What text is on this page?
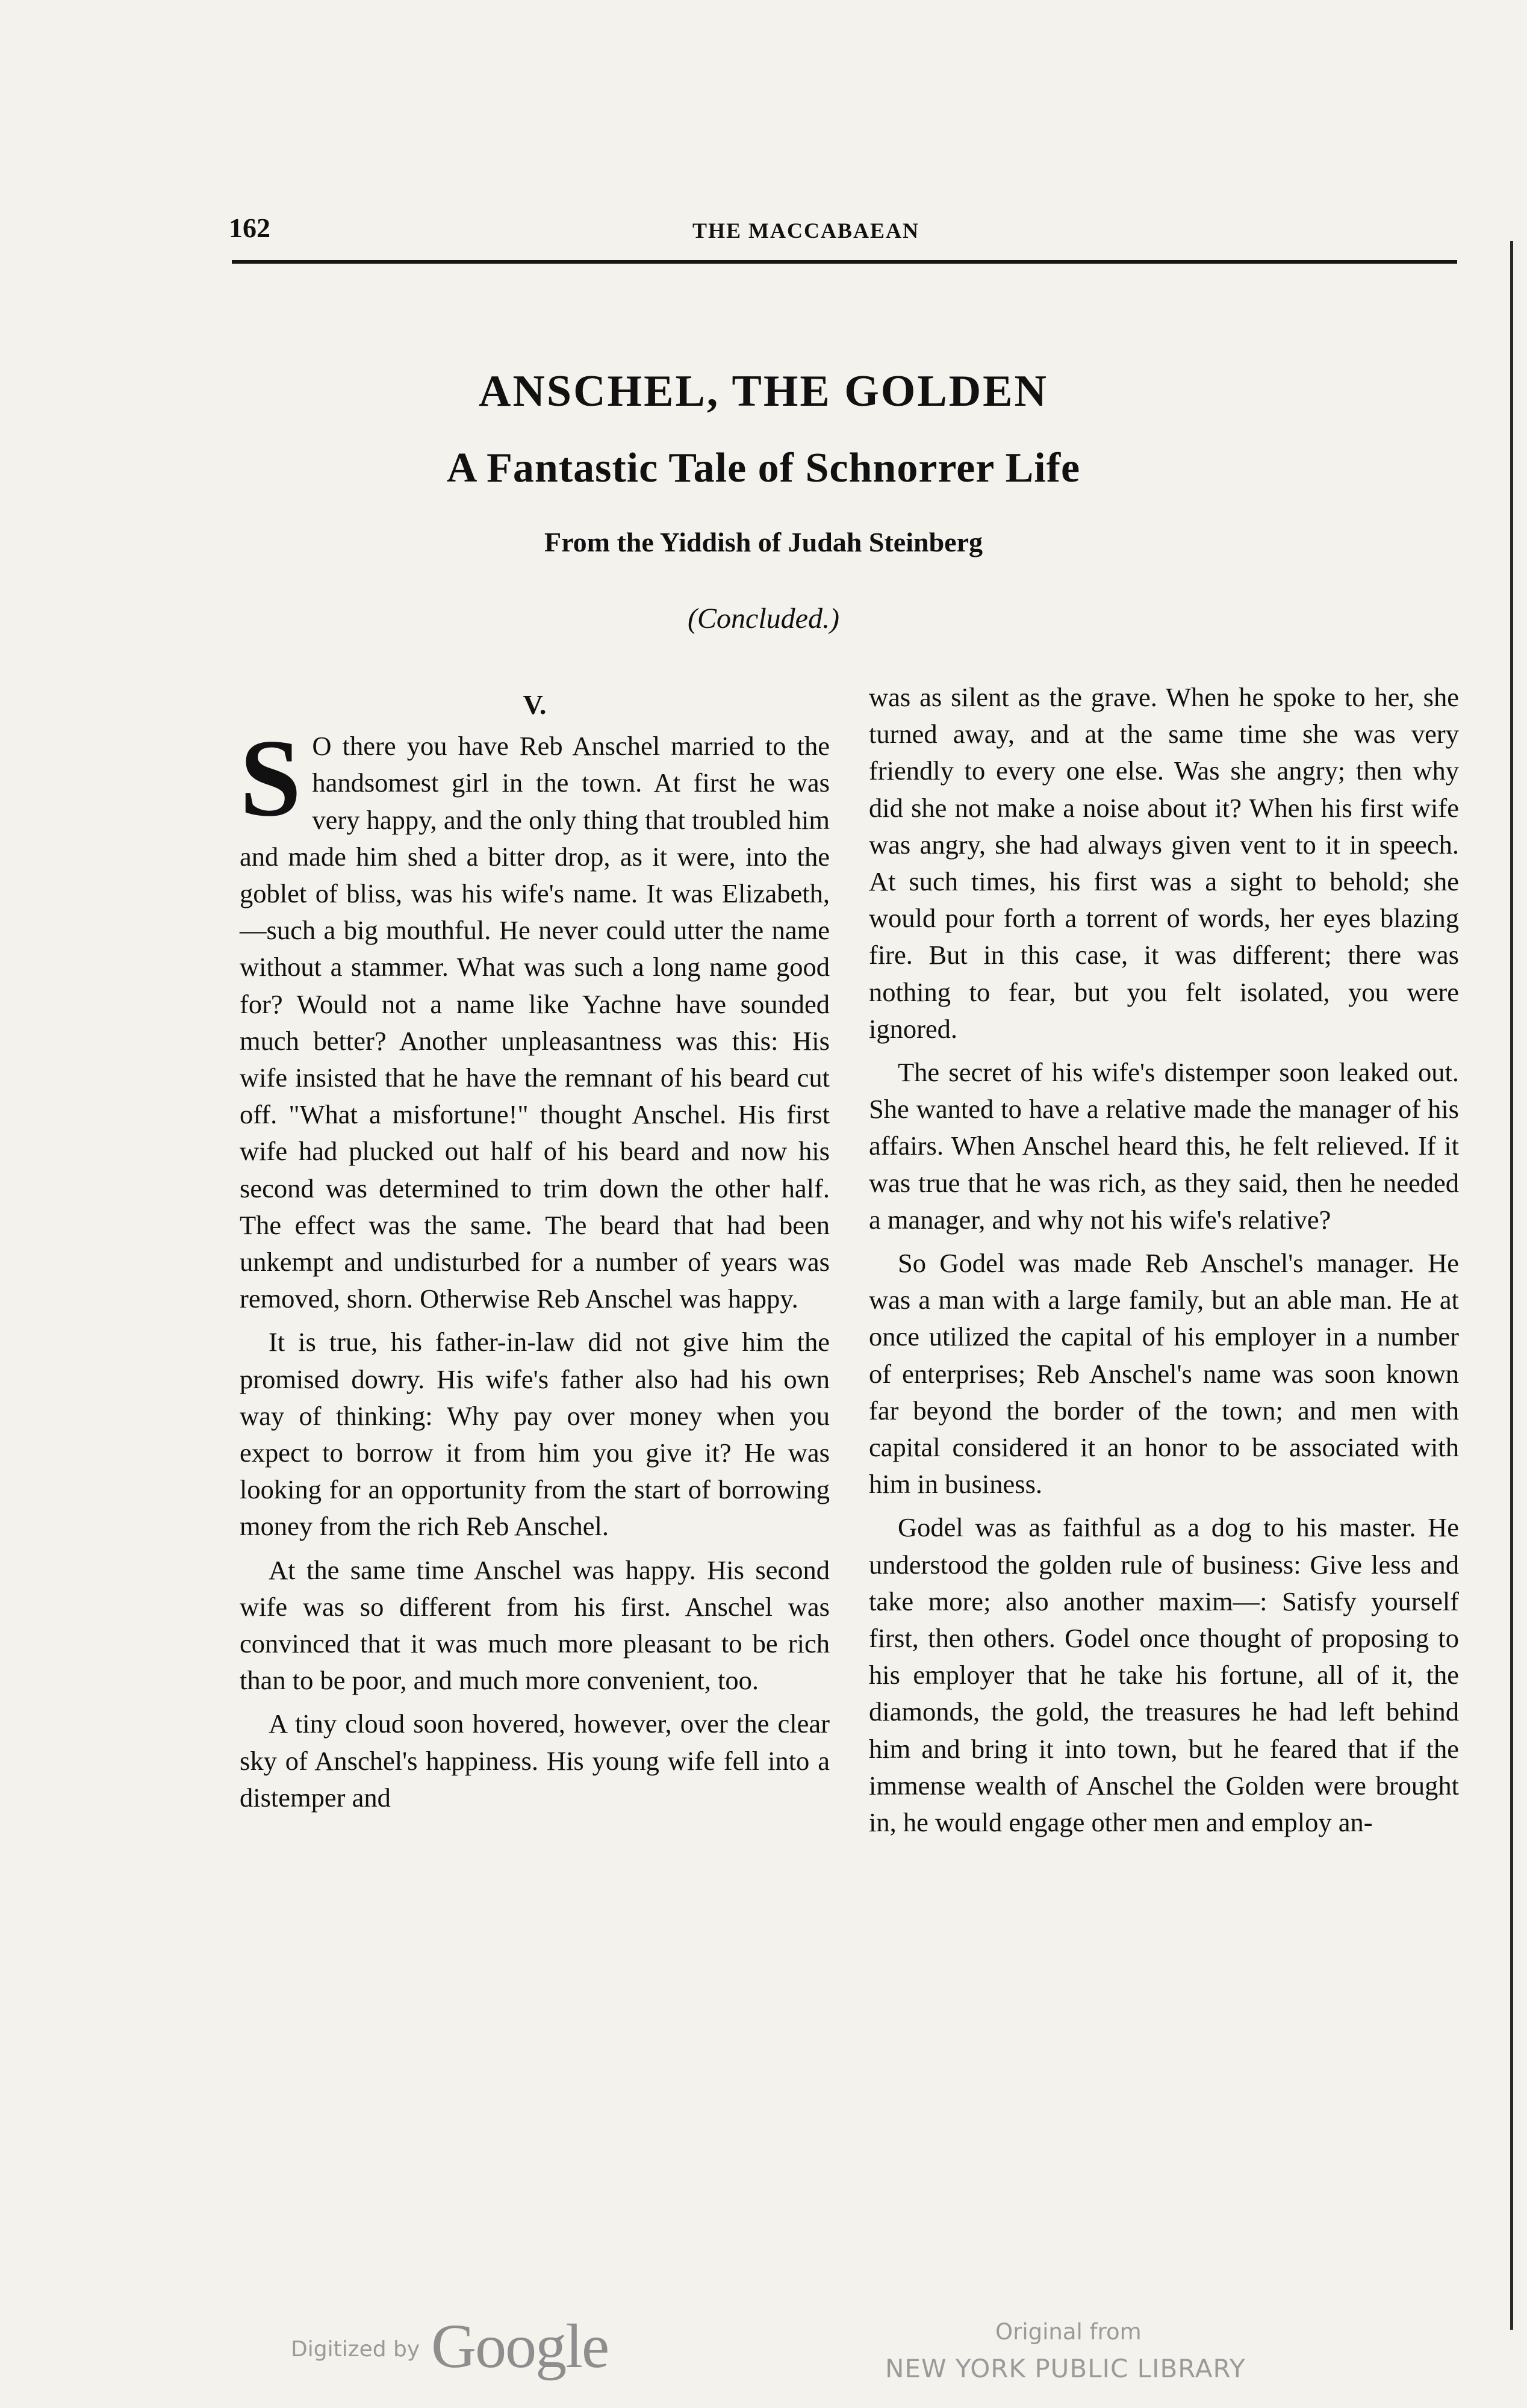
162	THE MACCABAEAN
ANSCHEL, THE GOLDEN
A Fantastic Tale of Schnorrer Life
From the Yiddish of Judah Steinberg
(Concluded.)
V.

S O there you have Reb Anschel married to the handsomest girl in the town. At first he was very happy, and the only thing that troubled him and made him shed a bitter drop, as it were, into the goblet of bliss, was his wife's name. It was Elizabeth,—such a big mouthful. He never could utter the name without a stammer. What was such a long name good for? Would not a name like Yachne have sounded much better? Another unpleasantness was this: His wife insisted that he have the remnant of his beard cut off. "What a misfortune!" thought Anschel. His first wife had plucked out half of his beard and now his second was determined to trim down the other half. The effect was the same. The beard that had been unkempt and undisturbed for a number of years was removed, shorn. Otherwise Reb Anschel was happy.

It is true, his father-in-law did not give him the promised dowry. His wife's father also had his own way of thinking: Why pay over money when you expect to borrow it from him you give it? He was looking for an opportunity from the start of borrowing money from the rich Reb Anschel.

At the same time Anschel was happy. His second wife was so different from his first. Anschel was convinced that it was much more pleasant to be rich than to be poor, and much more convenient, too.

A tiny cloud soon hovered, however, over the clear sky of Anschel's happiness. His young wife fell into a distemper and

was as silent as the grave. When he spoke to her, she turned away, and at the same time she was very friendly to every one else. Was she angry; then why did she not make a noise about it? When his first wife was angry, she had always given vent to it in speech. At such times, his first was a sight to behold; she would pour forth a torrent of words, her eyes blazing fire. But in this case, it was different; there was nothing to fear, but you felt isolated, you were ignored.

The secret of his wife's distemper soon leaked out. She wanted to have a relative made the manager of his affairs. When Anschel heard this, he felt relieved. If it was true that he was rich, as they said, then he needed a manager, and why not his wife's relative?

So Godel was made Reb Anschel's manager. He was a man with a large family, but an able man. He at once utilized the capital of his employer in a number of enterprises; Reb Anschel's name was soon known far beyond the border of the town; and men with capital considered it an honor to be associated with him in business.

Godel was as faithful as a dog to his master. He understood the golden rule of business: Give less and take more; also another maxim—: Satisfy yourself first, then others. Godel once thought of proposing to his employer that he take his fortune, all of it, the diamonds, the gold, the treasures he had left behind him and bring it into town, but he feared that if the immense wealth of Anschel the Golden were brought in, he would engage other men and employ an-

Digitized by Google	Original from
NEW YORK PUBLIC LIBRARY
